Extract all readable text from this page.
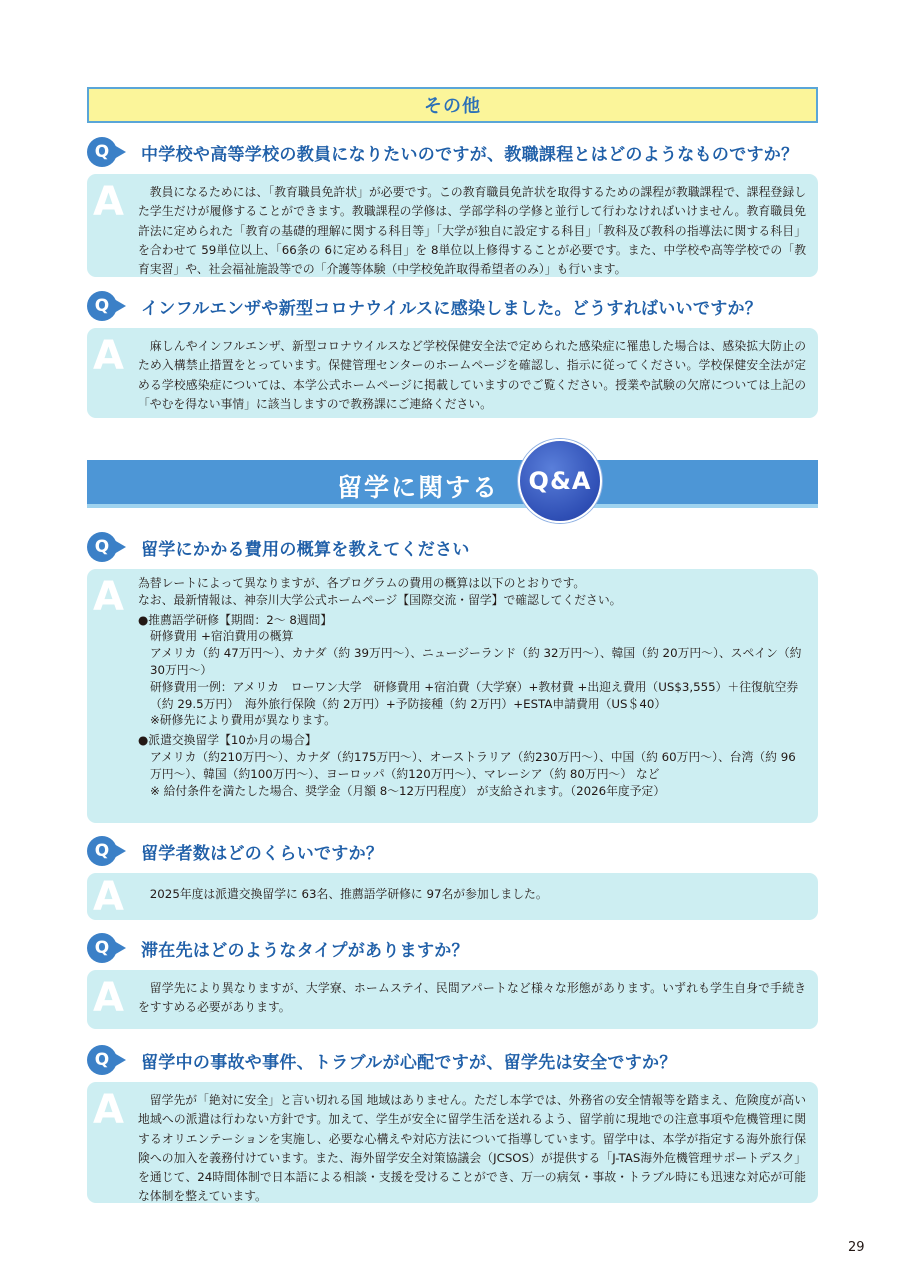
その他
Q	中学校や高等学校の教員になりたいのですが、教職課程とはどのようなものですか？
A	教員になるためには、「教育職員免許状」が必要です。この教育職員免許状を取得するための課程が教職課程で、課程登録した学生だけが履修することができます。教職課程の学修は、学部学科の学修と並行して行わなければいけません。教育職員免許法に定められた「教育の基礎的理解に関する科目等」「大学が独自に設定する科目」「教科及び教科の指導法に関する科目」を合わせて 59単位以上、「66条の 6に定める科目」を 8単位以上修得することが必要です。また、中学校や高等学校での「教育実習」や、社会福祉施設等での「介護等体験（中学校免許取得希望者のみ）」も行います。

Q	インフルエンザや新型コロナウイルスに感染しました。どうすればいいですか？
A	麻しんやインフルエンザ、新型コロナウイルスなど学校保健安全法で定められた感染症に罹患した場合は、感染拡大防止のため入構禁止措置をとっています。保健管理センターのホームページを確認し、指示に従ってください。学校保健安全法が定める学校感染症については、本学公式ホームページに掲載していますのでご覧ください。授業や試験の欠席については上記の「やむを得ない事情」に該当しますので教務課にご連絡ください。

留学に関する Q&A
Q	留学にかかる費用の概算を教えてください
A 為替レートによって異なりますが、各プログラムの費用の概算は以下のとおりです。
なお、最新情報は、神奈川大学公式ホームページ【国際交流・留学】で確認してください。
●推薦語学研修【期間：2～ 8週間】
研修費用 +宿泊費用の概算
アメリカ（約 47万円～）、カナダ（約 39万円～）、ニュージーランド（約 32万円～）、韓国（約 20万円～）、スペイン（約 30万円～）
研修費用一例：アメリカ　ローワン大学　研修費用 +宿泊費（大学寮）+教材費 +出迎え費用（US$3,555）＋往復航空券（約 29.5万円）　海外旅行保険（約 2万円）+予防接種（約 2万円）+ESTA申請費用（US＄40）
※研修先により費用が異なります。
●派遣交換留学【10か月の場合】
アメリカ（約210万円～）、カナダ（約175万円～）、オーストラリア（約230万円～）、中国（約 60万円～）、台湾（約 96万円～）、韓国（約100万円～）、ヨーロッパ（約120万円～）、マレーシア（約 80万円～） など
※ 給付条件を満たした場合、奨学金（月額 8～12万円程度） が支給されます。（2026年度予定）
Q	留学者数はどのくらいですか？
A	2025年度は派遣交換留学に 63名、推薦語学研修に 97名が参加しました。

Q	滞在先はどのようなタイプがありますか？
A	留学先により異なりますが、大学寮、ホームステイ、民間アパートなど様々な形態があります。いずれも学生自身で手続きをすすめる必要があります。

Q	留学中の事故や事件、トラブルが心配ですが、留学先は安全ですか？
A	留学先が「絶対に安全」と言い切れる国 地域はありません。ただし本学では、外務省の安全情報等を踏まえ、危険度が高い地域への派遣は行わない方針です。加えて、学生が安全に留学生活を送れるよう、留学前に現地での注意事項や危機管理に関するオリエンテーションを実施し、必要な心構えや対応方法について指導しています。留学中は、本学が指定する海外旅行保険への加入を義務付けています。また、海外留学安全対策協議会（JCSOS）が提供する「J-TAS海外危機管理サポートデスク」を通じて、24時間体制で日本語による相談・支援を受けることができ、万一の病気・事故・トラブル時にも迅速な対応が可能な体制を整えています。

29
